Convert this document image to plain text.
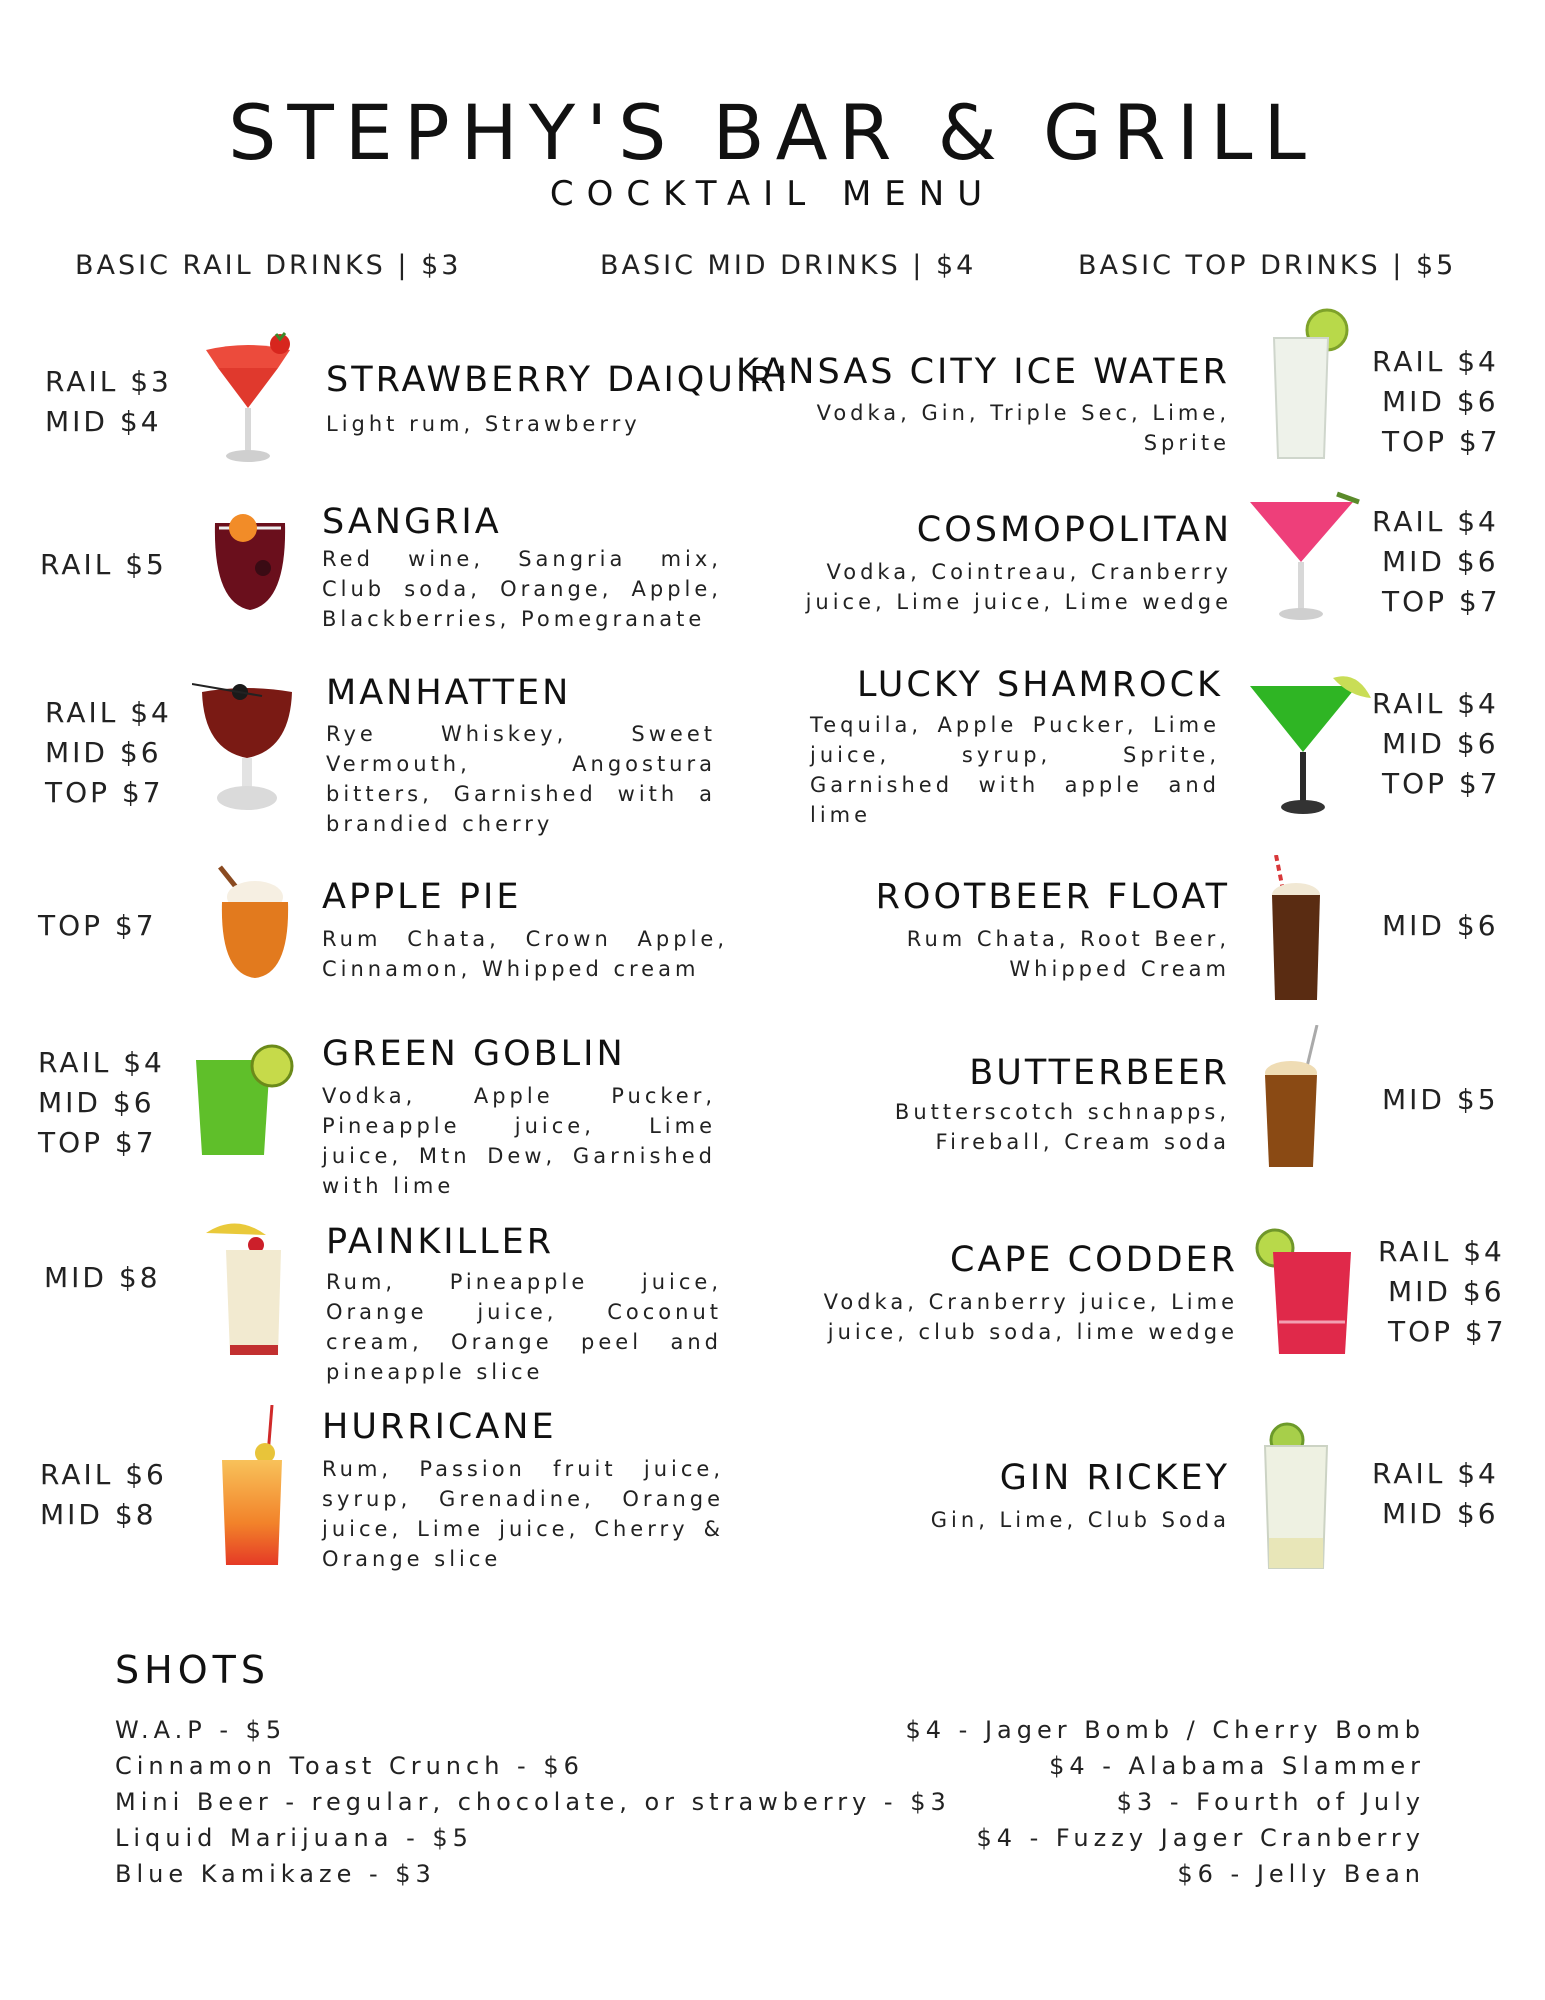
STEPHY'S BAR & GRILL
COCKTAIL MENU
BASIC RAIL DRINKS | $3	BASIC MID DRINKS | $4	BASIC TOP DRINKS | $5
RAIL $3
MID $4
STRAWBERRY DAIQUIRI
Light rum, Strawberry
RAIL $5
SANGRIA
Red wine, Sangria mix, Club soda, Orange, Apple, Blackberries, Pomegranate
RAIL $4
MID $6
TOP $7
MANHATTEN
Rye Whiskey, Sweet Vermouth, Angostura bitters, Garnished with a brandied cherry
TOP $7
APPLE PIE
Rum Chata, Crown Apple, Cinnamon, Whipped cream
RAIL $4
MID $6
TOP $7
GREEN GOBLIN
Vodka, Apple Pucker, Pineapple juice, Lime juice, Mtn Dew, Garnished with lime
MID $8
PAINKILLER
Rum, Pineapple juice, Orange juice, Coconut cream, Orange peel and pineapple slice
RAIL $6
MID $8
HURRICANE
Rum, Passion fruit juice, syrup, Grenadine, Orange juice, Lime juice, Cherry & Orange slice
KANSAS CITY ICE WATER
Vodka, Gin, Triple Sec, Lime, Sprite
RAIL $4
MID $6
TOP $7
COSMOPOLITAN
Vodka, Cointreau, Cranberry juice, Lime juice, Lime wedge
RAIL $4
MID $6
TOP $7
LUCKY SHAMROCK
Tequila, Apple Pucker, Lime juice, syrup, Sprite, Garnished with apple and lime
RAIL $4
MID $6
TOP $7
ROOTBEER FLOAT
Rum Chata, Root Beer, Whipped Cream
MID $6
BUTTERBEER
Butterscotch schnapps, Fireball, Cream soda
MID $5
CAPE CODDER
Vodka, Cranberry juice, Lime juice, club soda, lime wedge
RAIL $4
MID $6
TOP $7
GIN RICKEY
Gin, Lime, Club Soda
RAIL $4
MID $6
SHOTS
W.A.P - $5
Cinnamon Toast Crunch - $6
Mini Beer - regular, chocolate, or strawberry - $3
Liquid Marijuana - $5
Blue Kamikaze - $3
$4 - Jager Bomb / Cherry Bomb
$4 - Alabama Slammer
$3 - Fourth of July
$4 - Fuzzy Jager Cranberry
$6 - Jelly Bean
